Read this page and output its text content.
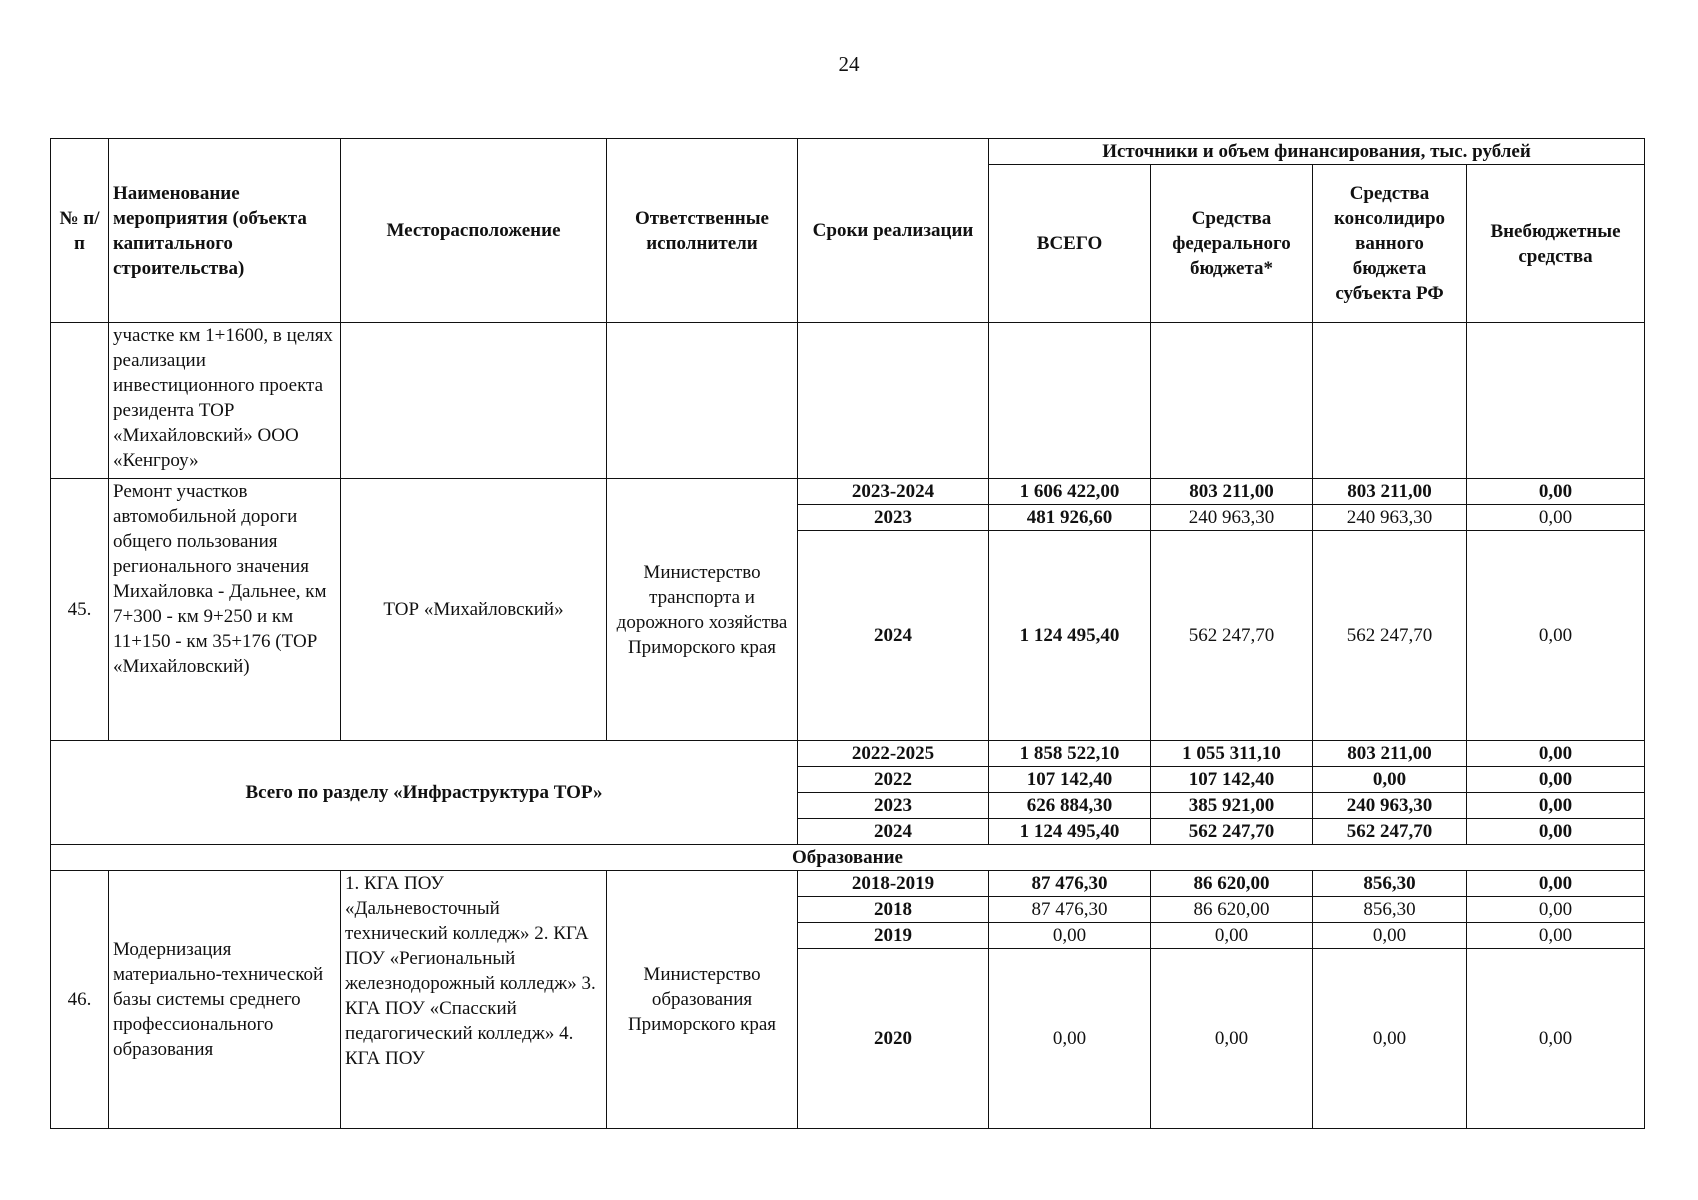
24
№ п/п	Наименование мероприятия (объекта капитального строительства)	Месторасположение	Ответственные исполнители	Сроки реализации	Источники и объем финансирования, тыс. рублей			
					ВСЕГО	Средства федерального бюджета*	Средства консолидиро ванного бюджета субъекта РФ	Внебюджетные средства
	участке км 1+1600, в целях реализации инвестиционного проекта резидента ТОР «Михайловский» ООО «Кенгроу»							
45.	Ремонт участков автомобильной дороги общего пользования регионального значения Михайловка - Дальнее, км 7+300 - км 9+250 и км 11+150 - км 35+176 (ТОР «Михайловский)	ТОР «Михайловский»	Министерство транспорта и дорожного хозяйства Приморского края	2023-2024	1 606 422,00	803 211,00	803 211,00	0,00
				2023	481 926,60	240 963,30	240 963,30	0,00
				2024	1 124 495,40	562 247,70	562 247,70	0,00
Всего по разделу «Инфраструктура ТОР»				2022-2025	1 858 522,10	1 055 311,10	803 211,00	0,00
				2022	107 142,40	107 142,40	0,00	0,00
				2023	626 884,30	385 921,00	240 963,30	0,00
				2024	1 124 495,40	562 247,70	562 247,70	0,00
Образование								
46.	Модернизация материально-технической базы системы среднего профессионального образования	1. КГА ПОУ «Дальневосточный технический колледж» 2. КГА ПОУ «Региональный железнодорожный колледж» 3. КГА ПОУ «Спасский педагогический колледж» 4. КГА ПОУ	Министерство образования Приморского края	2018-2019	87 476,30	86 620,00	856,30	0,00
				2018	87 476,30	86 620,00	856,30	0,00
				2019	0,00	0,00	0,00	0,00
				2020	0,00	0,00	0,00	0,00
